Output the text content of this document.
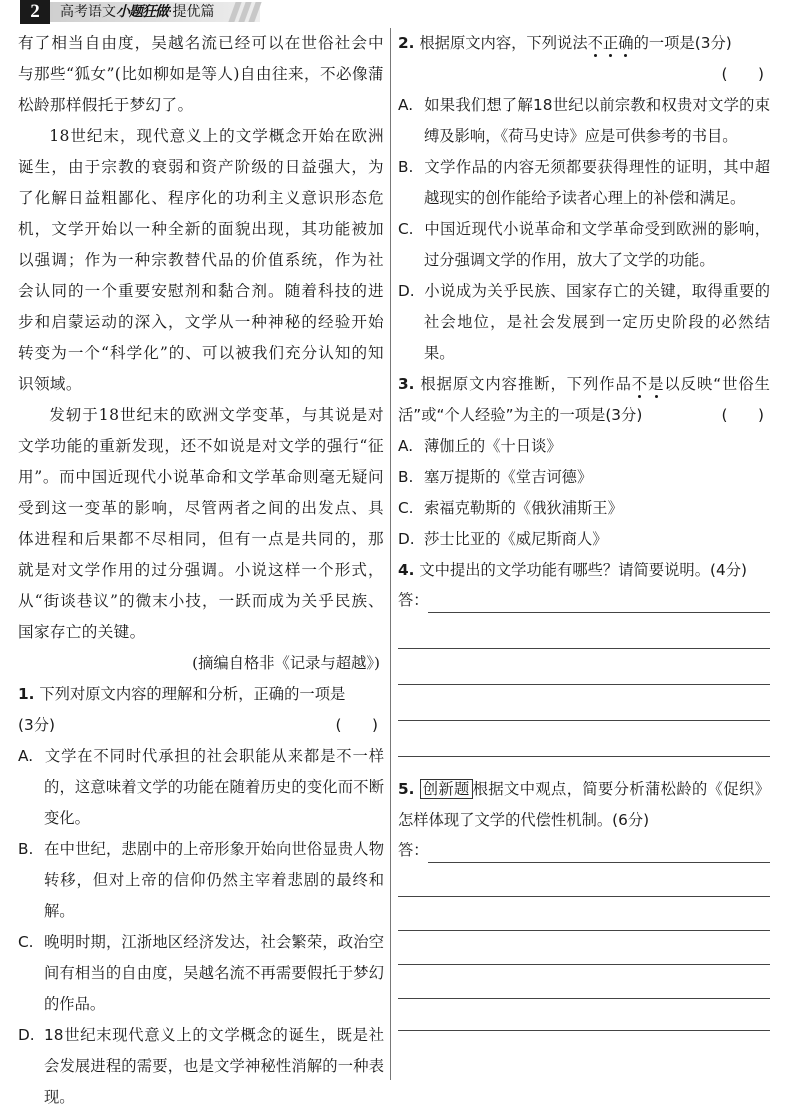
2	高考语文小题狂做·提优篇

有了相当自由度，吴越名流已经可以在世俗社会中与那些“狐女”(比如柳如是等人)自由往来，不必像蒲松龄那样假托于梦幻了。

18世纪末，现代意义上的文学概念开始在欧洲诞生，由于宗教的衰弱和资产阶级的日益强大，为了化解日益粗鄙化、程序化的功利主义意识形态危机，文学开始以一种全新的面貌出现，其功能被加以强调；作为一种宗教替代品的价值系统，作为社会认同的一个重要安慰剂和黏合剂。随着科技的进步和启蒙运动的深入，文学从一种神秘的经验开始转变为一个“科学化”的、可以被我们充分认知的知识领域。

发轫于18世纪末的欧洲文学变革，与其说是对文学功能的重新发现，还不如说是对文学的强行“征用”。而中国近现代小说革命和文学革命则毫无疑问受到这一变革的影响，尽管两者之间的出发点、具体进程和后果都不尽相同，但有一点是共同的，那就是对文学作用的过分强调。小说这样一个形式，从“街谈巷议”的微末小技，一跃而成为关乎民族、国家存亡的关键。

(摘编自格非《记录与超越》)

1. 下列对原文内容的理解和分析，正确的一项是

(3分)	(　　)

A. 文学在不同时代承担的社会职能从来都是不一样的，这意味着文学的功能在随着历史的变化而不断变化。

B. 在中世纪，悲剧中的上帝形象开始向世俗显贵人物转移，但对上帝的信仰仍然主宰着悲剧的最终和解。

C. 晚明时期，江浙地区经济发达，社会繁荣，政治空间有相当的自由度，吴越名流不再需要假托于梦幻的作品。

D. 18世纪末现代意义上的文学概念的诞生，既是社会发展进程的需要，也是文学神秘性消解的一种表现。

2. 根据原文内容，下列说法不正确的一项是(3分)

(　　)

A. 如果我们想了解18世纪以前宗教和权贵对文学的束缚及影响，《荷马史诗》应是可供参考的书目。

B. 文学作品的内容无须都要获得理性的证明，其中超越现实的创作能给予读者心理上的补偿和满足。

C. 中国近现代小说革命和文学革命受到欧洲的影响，过分强调文学的作用，放大了文学的功能。

D. 小说成为关乎民族、国家存亡的关键，取得重要的社会地位，是社会发展到一定历史阶段的必然结果。

3. 根据原文内容推断，下列作品不是以反映“世俗生活”或“个人经验”为主的一项是(3分)	(　　)

A. 薄伽丘的《十日谈》

B. 塞万提斯的《堂吉诃德》

C. 索福克勒斯的《俄狄浦斯王》

D. 莎士比亚的《威尼斯商人》

4. 文中提出的文学功能有哪些？请简要说明。(4分)

答：

5. 创新题 根据文中观点，简要分析蒲松龄的《促织》怎样体现了文学的代偿性机制。(6分)

答：
